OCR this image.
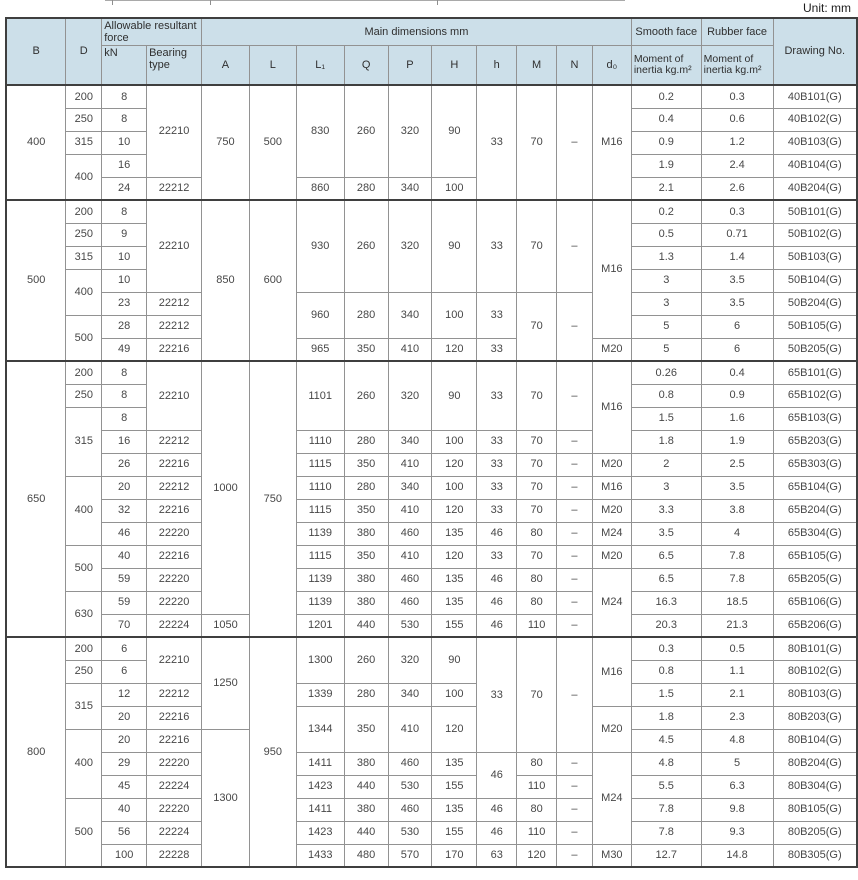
Unit: mm
B	D	Allowable resultant force		Main dimensions mm										Smooth face	Rubber face	Drawing No.
		kN	Bearing type	A	L	L₁	Q	P	H	h	M	N	d₀	Moment of inertia kg.m²	Moment of inertia kg.m²	
400	200	8	22210	750	500	830	260	320	90	33	70	–	M16	0.2	0.3	40B101(G)
	250	8												0.4	0.6	40B102(G)
	315	10												0.9	1.2	40B103(G)
	400	16												1.9	2.4	40B104(G)
		24	22212			860	280	340	100					2.1	2.6	40B204(G)
500	200	8	22210	850	600	930	260	320	90	33	70	–	M16	0.2	0.3	50B101(G)
	250	9												0.5	0.71	50B102(G)
	315	10												1.3	1.4	50B103(G)
	400	10												3	3.5	50B104(G)
		23	22212			960	280	340	100	33	70	–		3	3.5	50B204(G)
	500	28	22212											5	6	50B105(G)
		49	22216			965	350	410	120	33			M20	5	6	50B205(G)
650	200	8	22210	1000	750	1101	260	320	90	33	70	–	M16	0.26	0.4	65B101(G)
	250	8												0.8	0.9	65B102(G)
	315	8												1.5	1.6	65B103(G)
		16	22212			1110	280	340	100	33	70	–		1.8	1.9	65B203(G)
		26	22216			1115	350	410	120	33	70	–	M20	2	2.5	65B303(G)
	400	20	22212			1110	280	340	100	33	70	–	M16	3	3.5	65B104(G)
		32	22216			1115	350	410	120	33	70	–	M20	3.3	3.8	65B204(G)
		46	22220			1139	380	460	135	46	80	–	M24	3.5	4	65B304(G)
	500	40	22216			1115	350	410	120	33	70	–	M20	6.5	7.8	65B105(G)
		59	22220			1139	380	460	135	46	80	–	M24	6.5	7.8	65B205(G)
	630	59	22220			1139	380	460	135	46	80	–		16.3	18.5	65B106(G)
		70	22224	1050		1201	440	530	155	46	110	–		20.3	21.3	65B206(G)
800	200	6	22210	1250	950	1300	260	320	90	33	70	–	M16	0.3	0.5	80B101(G)
	250	6												0.8	1.1	80B102(G)
	315	12	22212			1339	280	340	100					1.5	2.1	80B103(G)
		20	22216			1344	350	410	120				M20	1.8	2.3	80B203(G)
	400	20	22216	1300										4.5	4.8	80B104(G)
		29	22220			1411	380	460	135	46	80	–	M24	4.8	5	80B204(G)
		45	22224			1423	440	530	155		110	–		5.5	6.3	80B304(G)
	500	40	22220			1411	380	460	135	46	80	–		7.8	9.8	80B105(G)
		56	22224			1423	440	530	155	46	110	–		7.8	9.3	80B205(G)
		100	22228			1433	480	570	170	63	120	–	M30	12.7	14.8	80B305(G)
